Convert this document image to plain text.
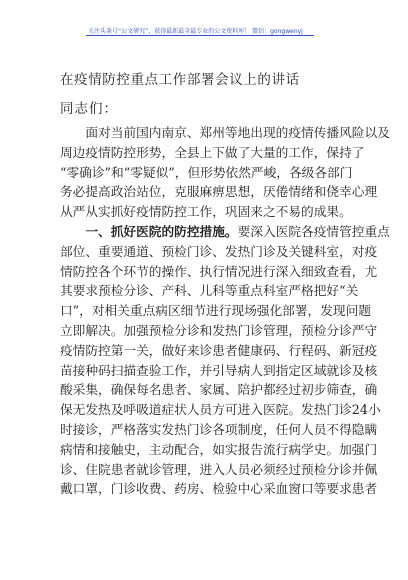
关注头条号“公文研究”，获得最新最全最专业的公文资料库！ 微信：gongwenyj
在疫情防控重点工作部署会议上的讲话
同志们：
　　面对当前国内南京、郑州等地出现的疫情传播风险以及
周边疫情防控形势，全县上下做了大量的工作，保持了
“零确诊”和“零疑似”，但形势依然严峻，各级各部门
务必提高政治站位，克服麻痹思想，厌倦情绪和侥幸心理
从严从实抓好疫情防控工作，巩固来之不易的成果。
　　一、抓好医院的防控措施。要深入医院各疫情管控重点
部位、重要通道、预检门诊、发热门诊及关键科室，对疫
情防控各个环节的操作、执行情况进行深入细致查看，尤
其要求预检分诊、产科、儿科等重点科室严格把好“关
口”，对相关重点病区细节进行现场强化部署，发现问题
立即解决。加强预检分诊和发热门诊管理，预检分诊严守
疫情防控第一关，做好来诊患者健康码、行程码、新冠疫
苗接种码扫描查验工作，并引导病人到指定区域就诊及核
酸采集，确保每名患者、家属、陪护都经过初步筛查，确
保无发热及呼吸道症状人员方可进入医院。发热门诊24小
时接诊，严格落实发热门诊各项制度，任何人员不得隐瞒
病情和接触史，主动配合，如实报告流行病学史。加强门
诊、住院患者就诊管理，进入人员必须经过预检分诊并佩
戴口罩，门诊收费、药房、检验中心采血窗口等要求患者
